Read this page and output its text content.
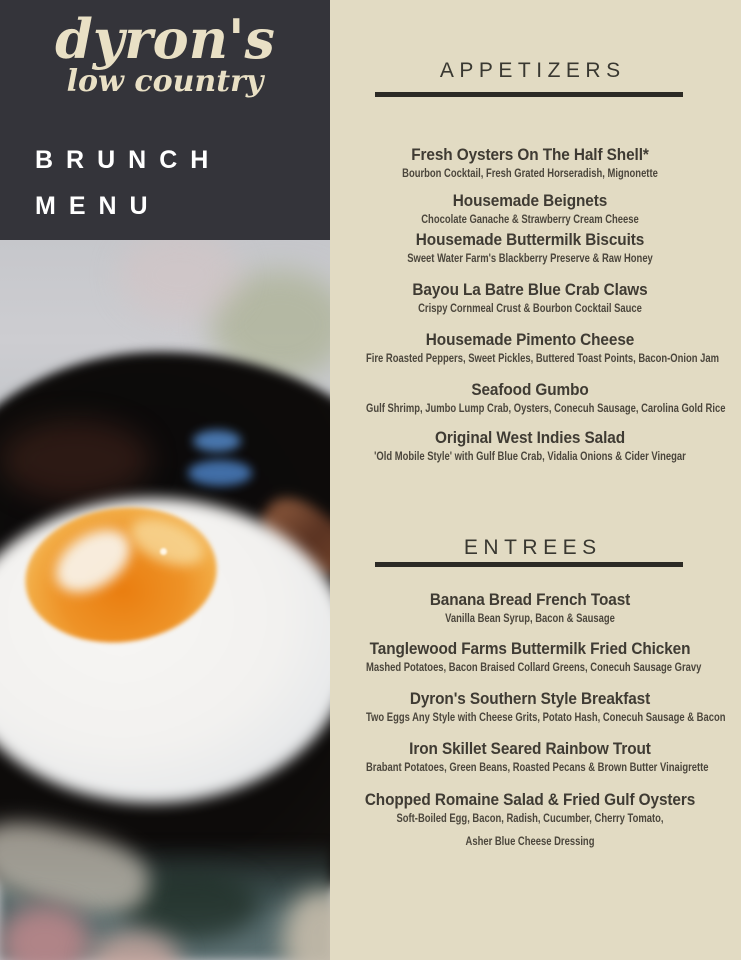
dyron's
low country
BRUNCH
MENU
APPETIZERS
Fresh Oysters On The Half Shell*
Bourbon Cocktail, Fresh Grated Horseradish, Mignonette
Housemade Beignets
Chocolate Ganache & Strawberry Cream Cheese
Housemade Buttermilk Biscuits
Sweet Water Farm's Blackberry Preserve & Raw Honey
Bayou La Batre Blue Crab Claws
Crispy Cornmeal Crust & Bourbon Cocktail Sauce
Housemade Pimento Cheese
Fire Roasted Peppers, Sweet Pickles, Buttered Toast Points, Bacon-Onion Jam
Seafood Gumbo
Gulf Shrimp, Jumbo Lump Crab, Oysters, Conecuh Sausage, Carolina Gold Rice
Original West Indies Salad
'Old Mobile Style' with Gulf Blue Crab, Vidalia Onions & Cider Vinegar
ENTREES
Banana Bread French Toast
Vanilla Bean Syrup, Bacon & Sausage
Tanglewood Farms Buttermilk Fried Chicken
Mashed Potatoes, Bacon Braised Collard Greens, Conecuh Sausage Gravy
Dyron's Southern Style Breakfast
Two Eggs Any Style with Cheese Grits, Potato Hash, Conecuh Sausage & Bacon
Iron Skillet Seared Rainbow Trout
Brabant Potatoes, Green Beans, Roasted Pecans & Brown Butter Vinaigrette
Chopped Romaine Salad & Fried Gulf Oysters
Soft-Boiled Egg, Bacon, Radish, Cucumber, Cherry Tomato,
Asher Blue Cheese Dressing
